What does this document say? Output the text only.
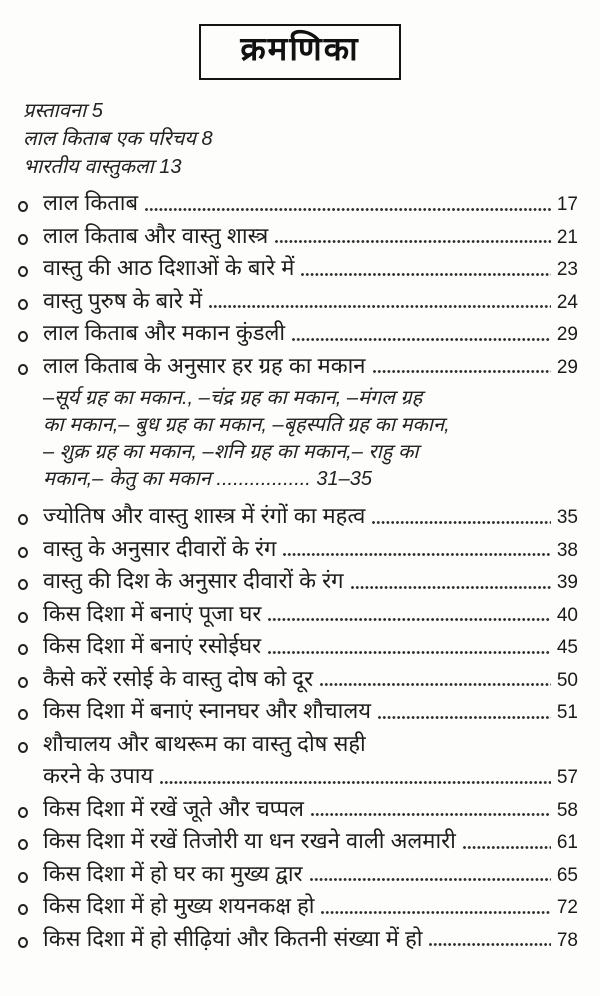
क्रमणिका
प्रस्तावना 5
लाल किताब एक परिचय 8
भारतीय वास्तुकला 13
लाल किताब	17
लाल किताब और वास्तु शास्त्र	21
वास्तु की आठ दिशाओं के बारे में	23
वास्तु पुरुष के बारे में	24
लाल किताब और मकान कुंडली	29
लाल किताब के अनुसार हर ग्रह का मकान	29
–सूर्य ग्रह का मकान., –चंद्र ग्रह का मकान, –मंगल ग्रह
का मकान,– बुध ग्रह का मकान, –बृहस्पति ग्रह का मकान,
– शुक्र ग्रह का मकान, –शनि ग्रह का मकान,– राहु का
मकान,– केतु का मकान ................. 31–35
ज्योतिष और वास्तु शास्त्र में रंगों का महत्व	35
वास्तु के अनुसार दीवारों के रंग	38
वास्तु की दिश के अनुसार दीवारों के रंग	39
किस दिशा में बनाएं पूजा घर	40
किस दिशा में बनाएं रसोईघर	45
कैसे करें रसोई के वास्तु दोष को दूर	50
किस दिशा में बनाएं स्नानघर और शौचालय	51
शौचालय और बाथरूम का वास्तु दोष सही
करने के उपाय	57
किस दिशा में रखें जूते और चप्पल	58
किस दिशा में रखें तिजोरी या धन रखने वाली अलमारी	61
किस दिशा में हो घर का मुख्य द्वार	65
किस दिशा में हो मुख्य शयनकक्ष हो	72
किस दिशा में हो सीढ़ियां और कितनी संख्या में हो	78
